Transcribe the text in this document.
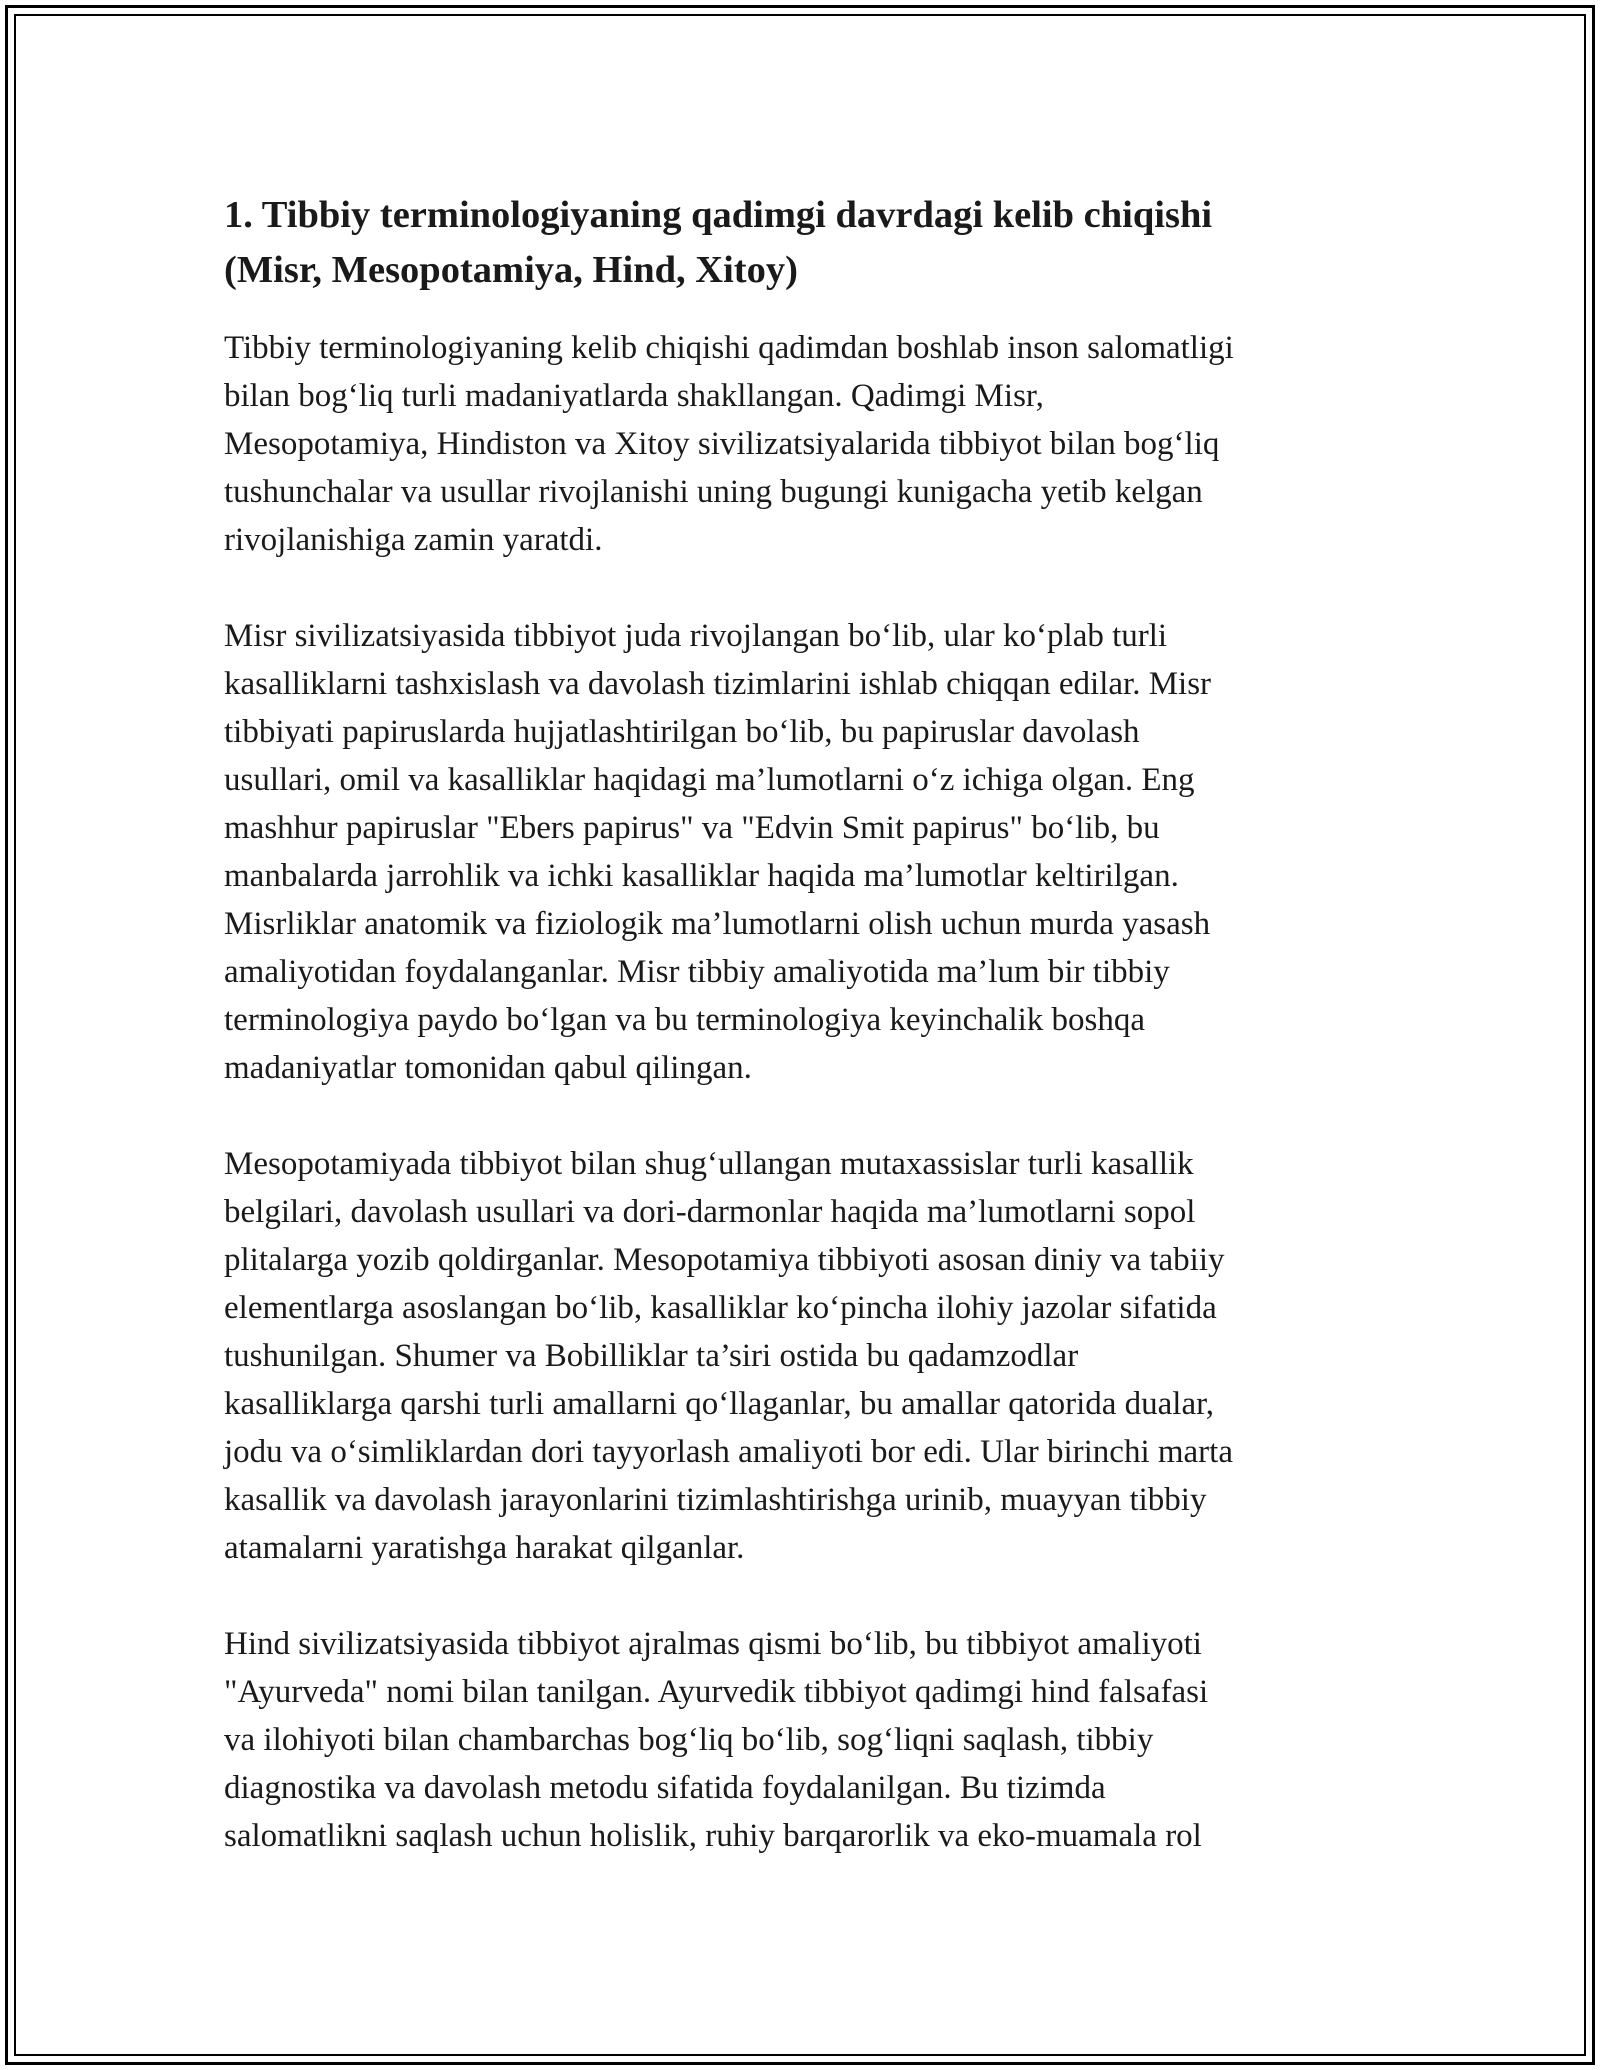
1. Tibbiy terminologiyaning qadimgi davrdagi kelib chiqishi
(Misr, Mesopotamiya, Hind, Xitoy)

Tibbiy terminologiyaning kelib chiqishi qadimdan boshlab inson salomatligi
bilan bog‘liq turli madaniyatlarda shakllangan. Qadimgi Misr,
Mesopotamiya, Hindiston va Xitoy sivilizatsiyalarida tibbiyot bilan bog‘liq
tushunchalar va usullar rivojlanishi uning bugungi kunigacha yetib kelgan
rivojlanishiga zamin yaratdi.

Misr sivilizatsiyasida tibbiyot juda rivojlangan bo‘lib, ular ko‘plab turli
kasalliklarni tashxislash va davolash tizimlarini ishlab chiqqan edilar. Misr
tibbiyati papiruslarda hujjatlashtirilgan bo‘lib, bu papiruslar davolash
usullari, omil va kasalliklar haqidagi ma’lumotlarni o‘z ichiga olgan. Eng
mashhur papiruslar "Ebers papirus" va "Edvin Smit papirus" bo‘lib, bu
manbalarda jarrohlik va ichki kasalliklar haqida ma’lumotlar keltirilgan.
Misrliklar anatomik va fiziologik ma’lumotlarni olish uchun murda yasash
amaliyotidan foydalanganlar. Misr tibbiy amaliyotida ma’lum bir tibbiy
terminologiya paydo bo‘lgan va bu terminologiya keyinchalik boshqa
madaniyatlar tomonidan qabul qilingan.

Mesopotamiyada tibbiyot bilan shug‘ullangan mutaxassislar turli kasallik
belgilari, davolash usullari va dori-darmonlar haqida ma’lumotlarni sopol
plitalarga yozib qoldirganlar. Mesopotamiya tibbiyoti asosan diniy va tabiiy
elementlarga asoslangan bo‘lib, kasalliklar ko‘pincha ilohiy jazolar sifatida
tushunilgan. Shumer va Bobilliklar ta’siri ostida bu qadamzodlar
kasalliklarga qarshi turli amallarni qo‘llaganlar, bu amallar qatorida dualar,
jodu va o‘simliklardan dori tayyorlash amaliyoti bor edi. Ular birinchi marta
kasallik va davolash jarayonlarini tizimlashtirishga urinib, muayyan tibbiy
atamalarni yaratishga harakat qilganlar.

Hind sivilizatsiyasida tibbiyot ajralmas qismi bo‘lib, bu tibbiyot amaliyoti
"Ayurveda" nomi bilan tanilgan. Ayurvedik tibbiyot qadimgi hind falsafasi
va ilohiyoti bilan chambarchas bog‘liq bo‘lib, sog‘liqni saqlash, tibbiy
diagnostika va davolash metodu sifatida foydalanilgan. Bu tizimda
salomatlikni saqlash uchun holislik, ruhiy barqarorlik va eko-muamala rol
